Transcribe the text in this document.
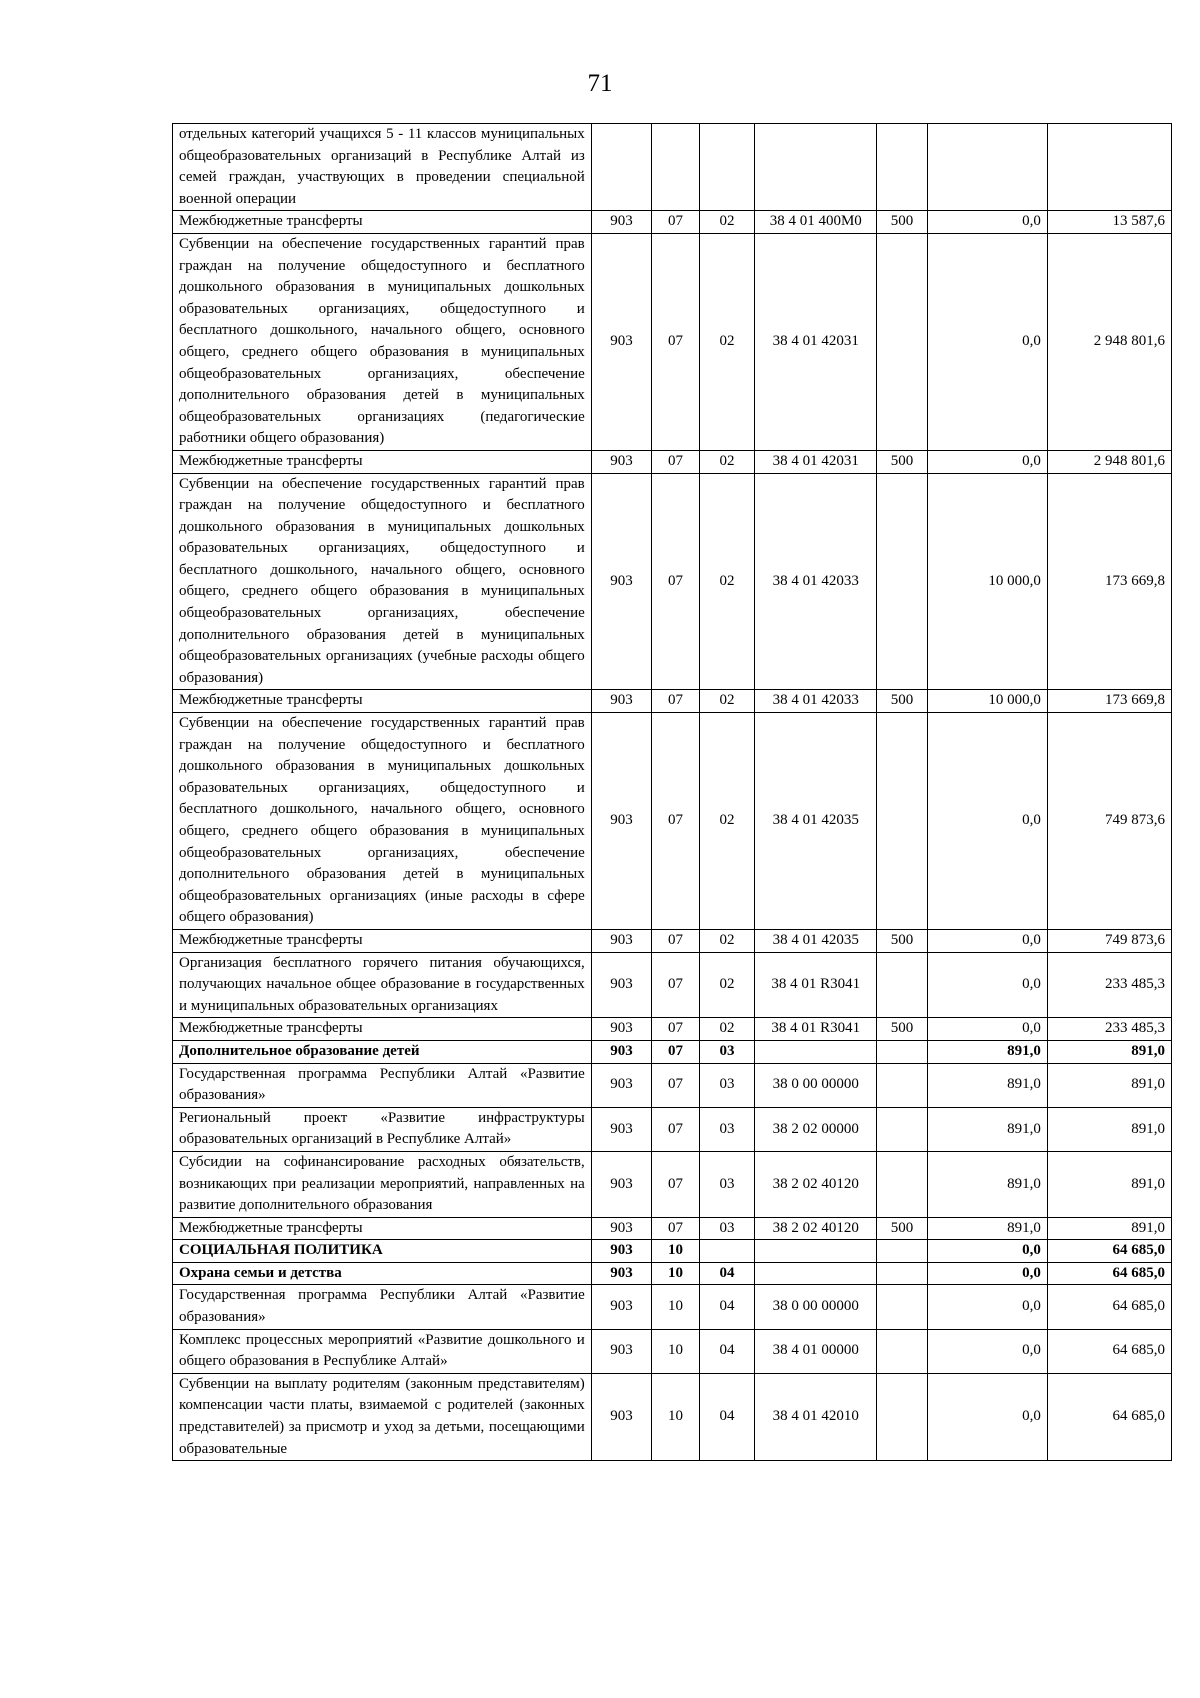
71
отдельных категорий учащихся 5 - 11 классов муниципальных общеобразовательных организаций в Республике Алтай из семей граждан, участвующих в проведении специальной военной операции							
Межбюджетные трансферты	903	07	02	38 4 01 400М0	500	0,0	13 587,6
Субвенции на обеспечение государственных гарантий прав граждан на получение общедоступного и бесплатного дошкольного образования в муниципальных дошкольных образовательных организациях, общедоступного и бесплатного дошкольного, начального общего, основного общего, среднего общего образования в муниципальных общеобразовательных организациях, обеспечение дополнительного образования детей в муниципальных общеобразовательных организациях (педагогические работники общего образования)	903	07	02	38 4 01 42031		0,0	2 948 801,6
Межбюджетные трансферты	903	07	02	38 4 01 42031	500	0,0	2 948 801,6
Субвенции на обеспечение государственных гарантий прав граждан на получение общедоступного и бесплатного дошкольного образования в муниципальных дошкольных образовательных организациях, общедоступного и бесплатного дошкольного, начального общего, основного общего, среднего общего образования в муниципальных общеобразовательных организациях, обеспечение дополнительного образования детей в муниципальных общеобразовательных организациях (учебные расходы общего образования)	903	07	02	38 4 01 42033		10 000,0	173 669,8
Межбюджетные трансферты	903	07	02	38 4 01 42033	500	10 000,0	173 669,8
Субвенции на обеспечение государственных гарантий прав граждан на получение общедоступного и бесплатного дошкольного образования в муниципальных дошкольных образовательных организациях, общедоступного и бесплатного дошкольного, начального общего, основного общего, среднего общего образования в муниципальных общеобразовательных организациях, обеспечение дополнительного образования детей в муниципальных общеобразовательных организациях (иные расходы в сфере общего образования)	903	07	02	38 4 01 42035		0,0	749 873,6
Межбюджетные трансферты	903	07	02	38 4 01 42035	500	0,0	749 873,6
Организация бесплатного горячего питания обучающихся, получающих начальное общее образование в государственных и муниципальных образовательных организациях	903	07	02	38 4 01 R3041		0,0	233 485,3
Межбюджетные трансферты	903	07	02	38 4 01 R3041	500	0,0	233 485,3
Дополнительное образование детей	903	07	03			891,0	891,0
Государственная программа Республики Алтай «Развитие образования»	903	07	03	38 0 00 00000		891,0	891,0
Региональный проект «Развитие инфраструктуры образовательных организаций в Республике Алтай»	903	07	03	38 2 02 00000		891,0	891,0
Субсидии на софинансирование расходных обязательств, возникающих при реализации мероприятий, направленных на развитие дополнительного образования	903	07	03	38 2 02 40120		891,0	891,0
Межбюджетные трансферты	903	07	03	38 2 02 40120	500	891,0	891,0
СОЦИАЛЬНАЯ ПОЛИТИКА	903	10				0,0	64 685,0
Охрана семьи и детства	903	10	04			0,0	64 685,0
Государственная программа Республики Алтай «Развитие образования»	903	10	04	38 0 00 00000		0,0	64 685,0
Комплекс процессных мероприятий «Развитие дошкольного и общего образования в Республике Алтай»	903	10	04	38 4 01 00000		0,0	64 685,0
Субвенции на выплату родителям (законным представителям) компенсации части платы, взимаемой с родителей (законных представителей) за присмотр и уход за детьми, посещающими образовательные	903	10	04	38 4 01 42010		0,0	64 685,0
